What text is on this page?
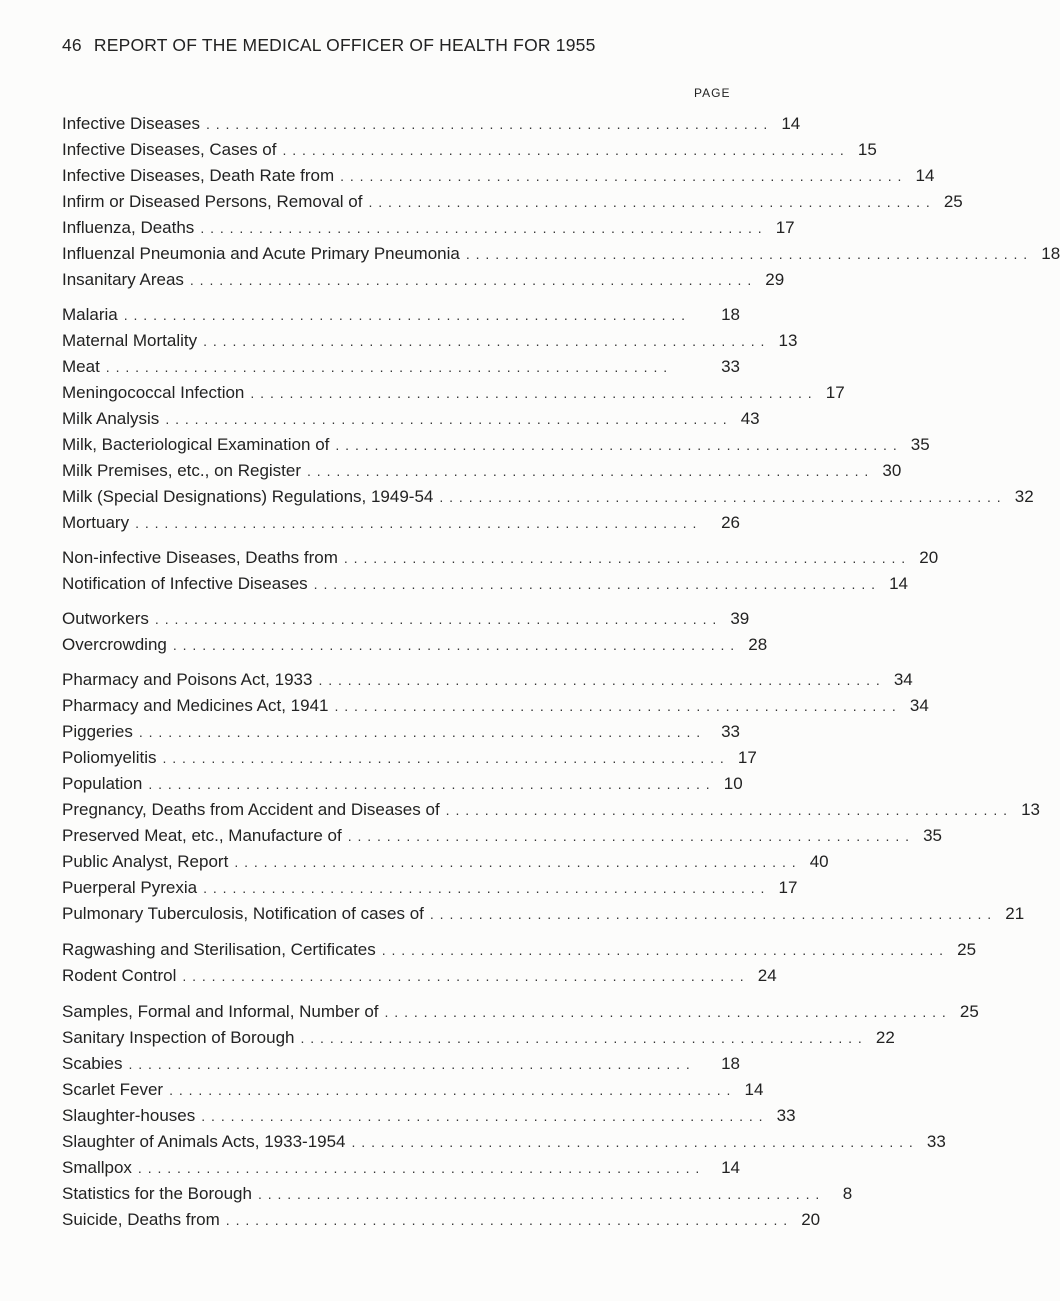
46 REPORT OF THE MEDICAL OFFICER OF HEALTH FOR 1955
PAGE
Infective Diseases . . . . . . . . . . . . . . . . . . . . . . . . . . . . . . . . . . . . . . . . . . . . . . . . . . . . . . . . . . 14
Infective Diseases, Cases of . . . . . . . . . . . . . . . . . . . . . . . . . . . . . . . . . . . . . . . . . . . . . . . . . . . . . . . . . . 15
Infective Diseases, Death Rate from . . . . . . . . . . . . . . . . . . . . . . . . . . . . . . . . . . . . . . . . . . . . . . . . . . . . . . . . . . 14
Infirm or Diseased Persons, Removal of . . . . . . . . . . . . . . . . . . . . . . . . . . . . . . . . . . . . . . . . . . . . . . . . . . . . . . . . . . 25
Influenza, Deaths . . . . . . . . . . . . . . . . . . . . . . . . . . . . . . . . . . . . . . . . . . . . . . . . . . . . . . . . . . 17
Influenzal Pneumonia and Acute Primary Pneumonia . . . . . . . . . . . . . . . . . . . . . . . . . . . . . . . . . . . . . . . . . . . . . . . . . . . . . . . . . . 18
Insanitary Areas . . . . . . . . . . . . . . . . . . . . . . . . . . . . . . . . . . . . . . . . . . . . . . . . . . . . . . . . . . 29
Malaria . . . . . . . . . . . . . . . . . . . . . . . . . . . . . . . . . . . . . . . . . . . . . . . . . . . . . . . . . .	18
Maternal Mortality . . . . . . . . . . . . . . . . . . . . . . . . . . . . . . . . . . . . . . . . . . . . . . . . . . . . . . . . . . 13
Meat . . . . . . . . . . . . . . . . . . . . . . . . . . . . . . . . . . . . . . . . . . . . . . . . . . . . . . . . . .	33
Meningococcal Infection . . . . . . . . . . . . . . . . . . . . . . . . . . . . . . . . . . . . . . . . . . . . . . . . . . . . . . . . . . 17
Milk Analysis . . . . . . . . . . . . . . . . . . . . . . . . . . . . . . . . . . . . . . . . . . . . . . . . . . . . . . . . . . 43
Milk, Bacteriological Examination of . . . . . . . . . . . . . . . . . . . . . . . . . . . . . . . . . . . . . . . . . . . . . . . . . . . . . . . . . . 35
Milk Premises, etc., on Register . . . . . . . . . . . . . . . . . . . . . . . . . . . . . . . . . . . . . . . . . . . . . . . . . . . . . . . . . . 30
Milk (Special Designations) Regulations, 1949-54 . . . . . . . . . . . . . . . . . . . . . . . . . . . . . . . . . . . . . . . . . . . . . . . . . . . . . . . . . . 32
Mortuary . . . . . . . . . . . . . . . . . . . . . . . . . . . . . . . . . . . . . . . . . . . . . . . . . . . . . . . . . .	26
Non-infective Diseases, Deaths from . . . . . . . . . . . . . . . . . . . . . . . . . . . . . . . . . . . . . . . . . . . . . . . . . . . . . . . . . . 20
Notification of Infective Diseases . . . . . . . . . . . . . . . . . . . . . . . . . . . . . . . . . . . . . . . . . . . . . . . . . . . . . . . . . . 14
Outworkers . . . . . . . . . . . . . . . . . . . . . . . . . . . . . . . . . . . . . . . . . . . . . . . . . . . . . . . . . . 39
Overcrowding . . . . . . . . . . . . . . . . . . . . . . . . . . . . . . . . . . . . . . . . . . . . . . . . . . . . . . . . . . 28
Pharmacy and Poisons Act, 1933 . . . . . . . . . . . . . . . . . . . . . . . . . . . . . . . . . . . . . . . . . . . . . . . . . . . . . . . . . . 34
Pharmacy and Medicines Act, 1941 . . . . . . . . . . . . . . . . . . . . . . . . . . . . . . . . . . . . . . . . . . . . . . . . . . . . . . . . . . 34
Piggeries . . . . . . . . . . . . . . . . . . . . . . . . . . . . . . . . . . . . . . . . . . . . . . . . . . . . . . . . . .	33
Poliomyelitis . . . . . . . . . . . . . . . . . . . . . . . . . . . . . . . . . . . . . . . . . . . . . . . . . . . . . . . . . . 17
Population . . . . . . . . . . . . . . . . . . . . . . . . . . . . . . . . . . . . . . . . . . . . . . . . . . . . . . . . . . 10
Pregnancy, Deaths from Accident and Diseases of . . . . . . . . . . . . . . . . . . . . . . . . . . . . . . . . . . . . . . . . . . . . . . . . . . . . . . . . . . 13
Preserved Meat, etc., Manufacture of . . . . . . . . . . . . . . . . . . . . . . . . . . . . . . . . . . . . . . . . . . . . . . . . . . . . . . . . . . 35
Public Analyst, Report . . . . . . . . . . . . . . . . . . . . . . . . . . . . . . . . . . . . . . . . . . . . . . . . . . . . . . . . . . 40
Puerperal Pyrexia . . . . . . . . . . . . . . . . . . . . . . . . . . . . . . . . . . . . . . . . . . . . . . . . . . . . . . . . . . 17
Pulmonary Tuberculosis, Notification of cases of . . . . . . . . . . . . . . . . . . . . . . . . . . . . . . . . . . . . . . . . . . . . . . . . . . . . . . . . . . 21
Ragwashing and Sterilisation, Certificates . . . . . . . . . . . . . . . . . . . . . . . . . . . . . . . . . . . . . . . . . . . . . . . . . . . . . . . . . . 25
Rodent Control . . . . . . . . . . . . . . . . . . . . . . . . . . . . . . . . . . . . . . . . . . . . . . . . . . . . . . . . . . 24
Samples, Formal and Informal, Number of . . . . . . . . . . . . . . . . . . . . . . . . . . . . . . . . . . . . . . . . . . . . . . . . . . . . . . . . . . 25
Sanitary Inspection of Borough . . . . . . . . . . . . . . . . . . . . . . . . . . . . . . . . . . . . . . . . . . . . . . . . . . . . . . . . . . 22
Scabies . . . . . . . . . . . . . . . . . . . . . . . . . . . . . . . . . . . . . . . . . . . . . . . . . . . . . . . . . .	18
Scarlet Fever . . . . . . . . . . . . . . . . . . . . . . . . . . . . . . . . . . . . . . . . . . . . . . . . . . . . . . . . . . 14
Slaughter-houses . . . . . . . . . . . . . . . . . . . . . . . . . . . . . . . . . . . . . . . . . . . . . . . . . . . . . . . . . . 33
Slaughter of Animals Acts, 1933-1954 . . . . . . . . . . . . . . . . . . . . . . . . . . . . . . . . . . . . . . . . . . . . . . . . . . . . . . . . . . 33
Smallpox . . . . . . . . . . . . . . . . . . . . . . . . . . . . . . . . . . . . . . . . . . . . . . . . . . . . . . . . . .	14
Statistics for the Borough . . . . . . . . . . . . . . . . . . . . . . . . . . . . . . . . . . . . . . . . . . . . . . . . . . . . . . . . . .	8
Suicide, Deaths from . . . . . . . . . . . . . . . . . . . . . . . . . . . . . . . . . . . . . . . . . . . . . . . . . . . . . . . . . . 20
